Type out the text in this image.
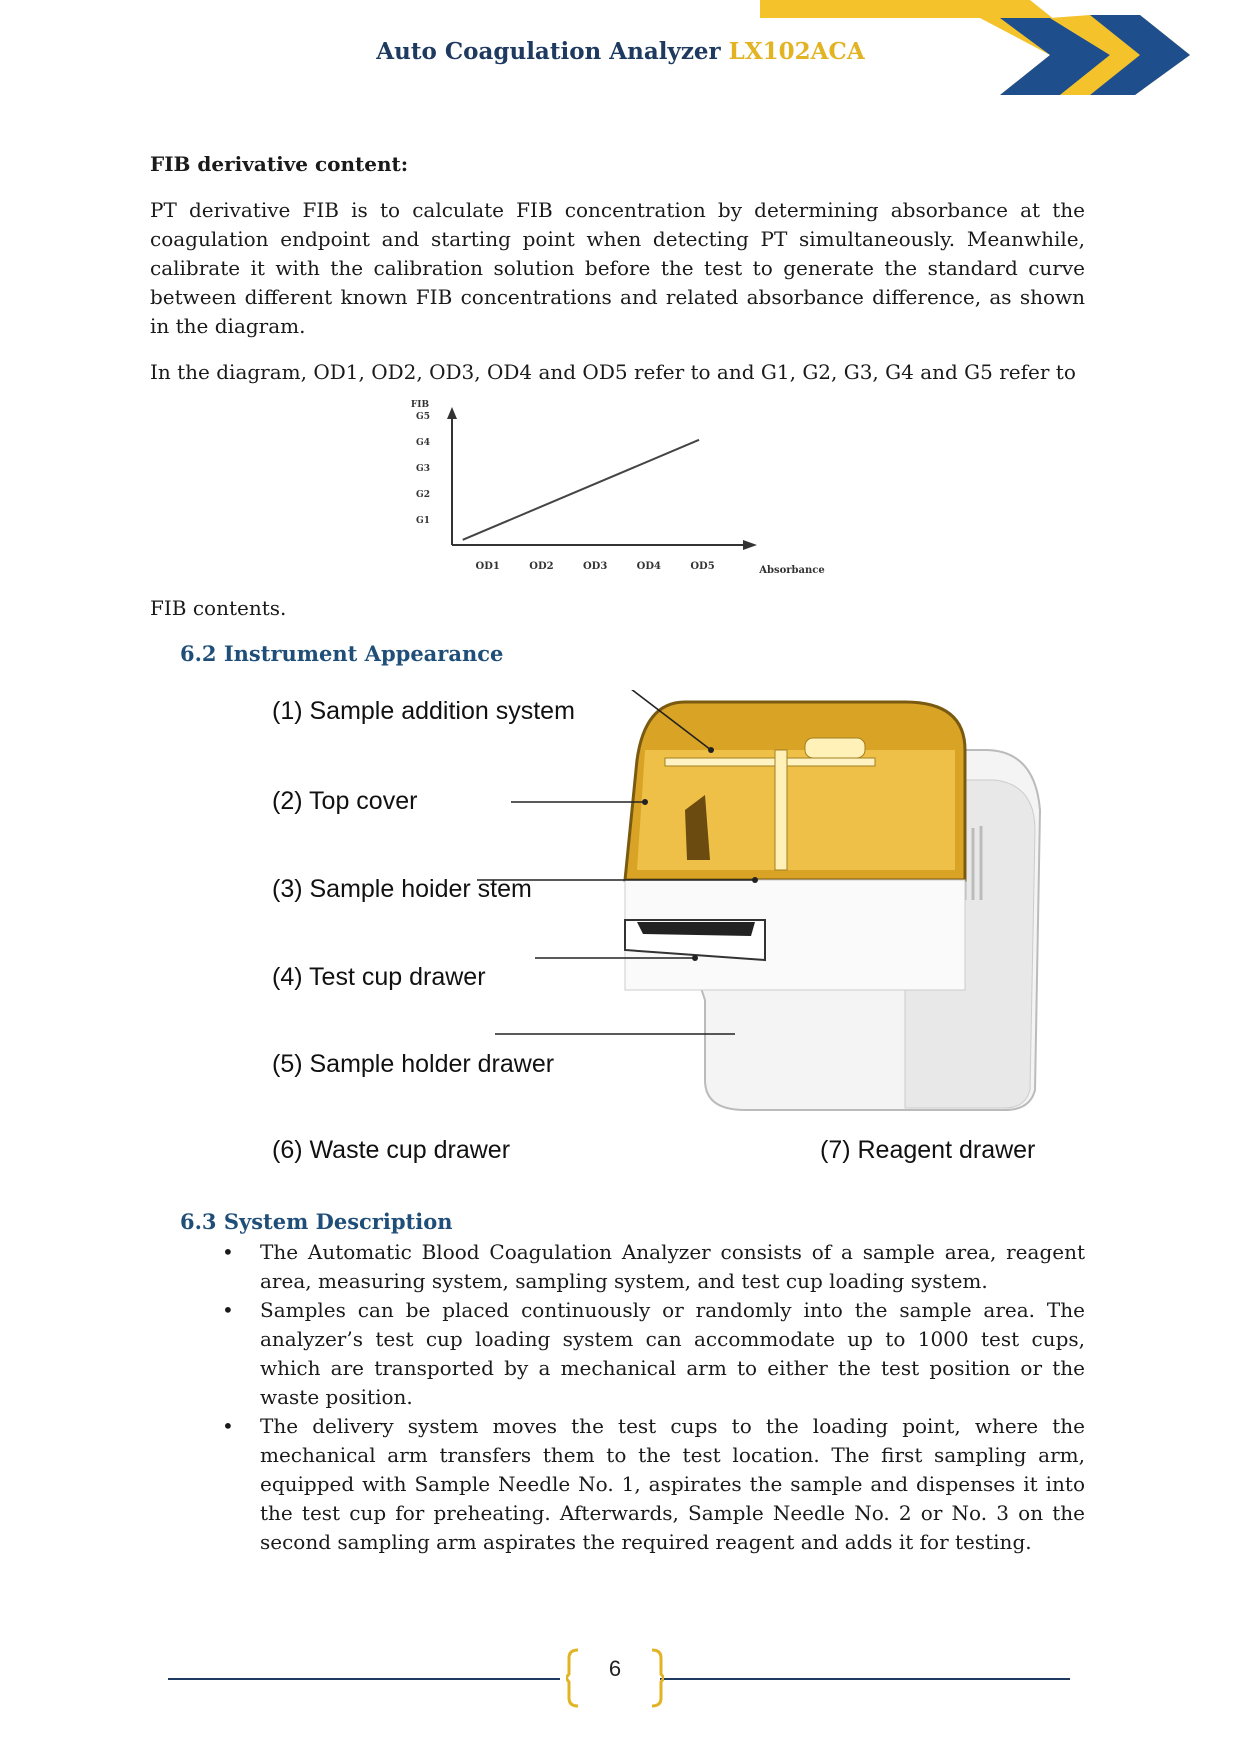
Auto Coagulation Analyzer LX102ACA
FIB derivative content:

PT derivative FIB is to calculate FIB concentration by determining absorbance at the coagulation endpoint and starting point when detecting PT simultaneously. Meanwhile, calibrate it with the calibration solution before the test to generate the standard curve between different known FIB concentrations and related absorbance difference, as shown in the diagram.

In the diagram, OD1, OD2, OD3, OD4 and OD5 refer to and G1, G2, G3, G4 and G5 refer to

FIB
Absorbance
G1
G2
G3
G4
G5
OD1	OD2	OD3	OD4	OD5
FIB contents.
6.2 Instrument Appearance
(1) Sample addition system
(2) Top cover
(3) Sample hoider stem
(4) Test cup drawer
(5) Sample holder drawer
(6) Waste cup drawer	(7) Reagent drawer
6.3 System Description
• The Automatic Blood Coagulation Analyzer consists of a sample area, reagent area, measuring system, sampling system, and test cup loading system.
• Samples can be placed continuously or randomly into the sample area. The analyzer’s test cup loading system can accommodate up to 1000 test cups, which are transported by a mechanical arm to either the test position or the waste position.
• The delivery system moves the test cups to the loading point, where the mechanical arm transfers them to the test location. The first sampling arm, equipped with Sample Needle No. 1, aspirates the sample and dispenses it into the test cup for preheating. Afterwards, Sample Needle No. 2 or No. 3 on the second sampling arm aspirates the required reagent and adds it for testing.
6
